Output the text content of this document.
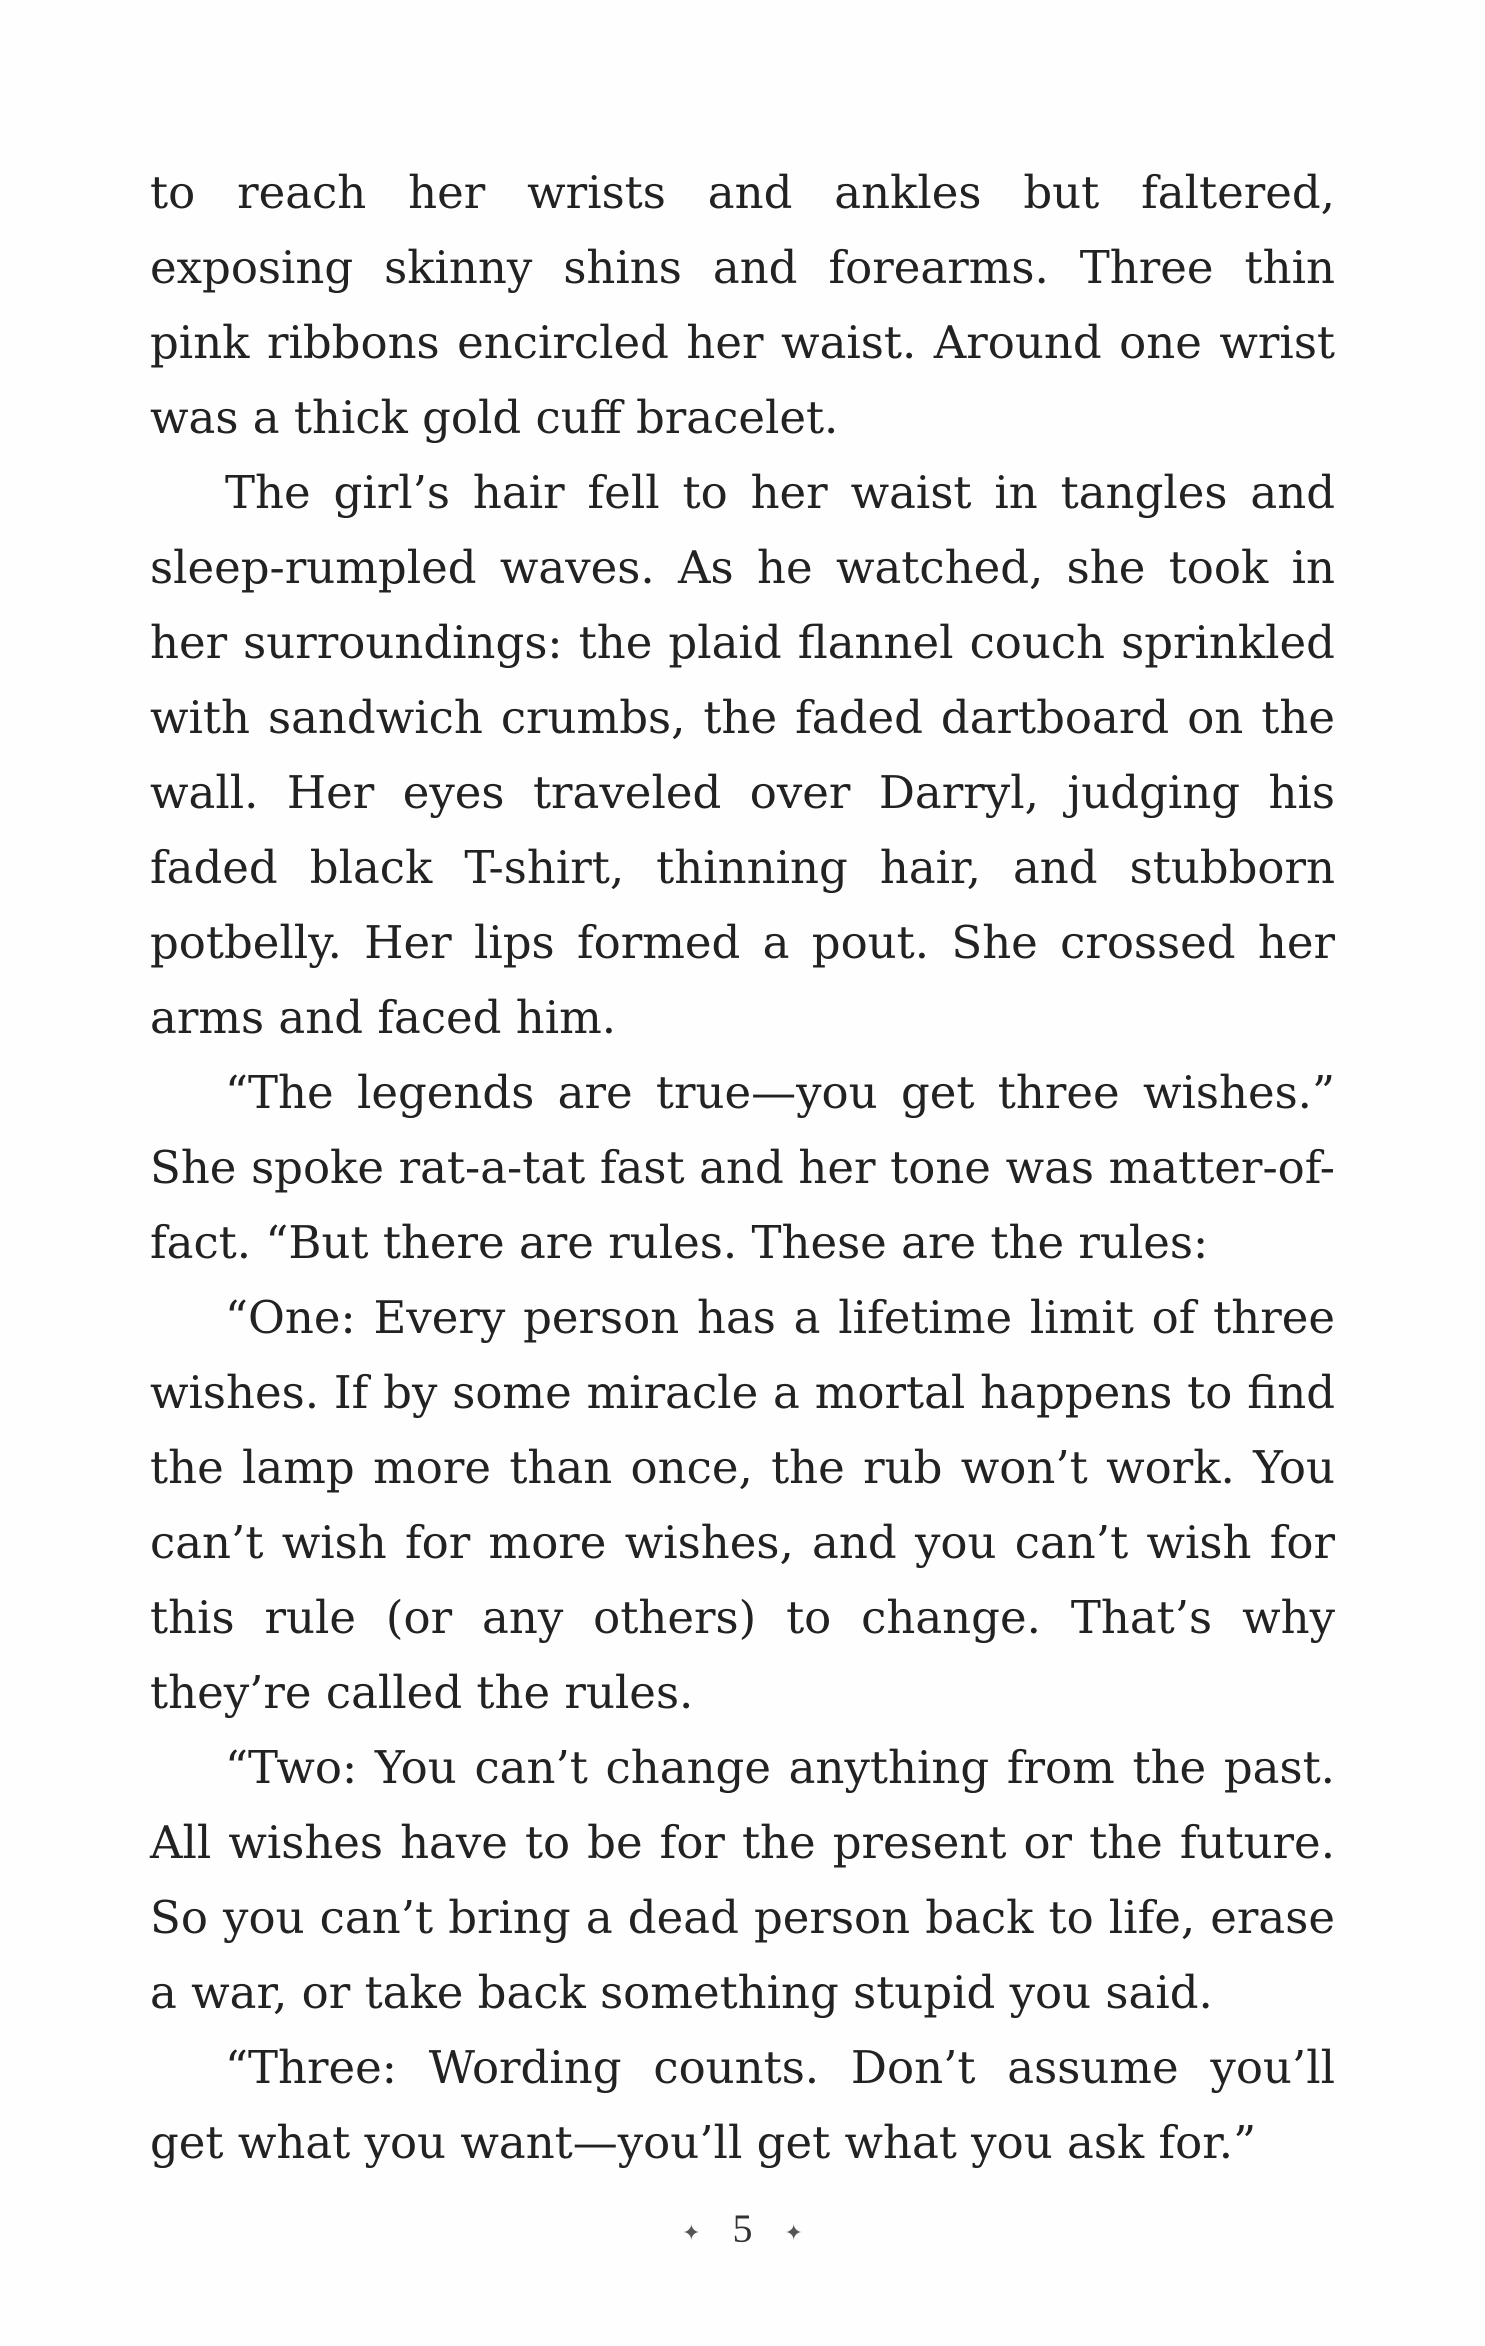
to reach her wrists and ankles but faltered, exposing skinny shins and forearms. Three thin pink ribbons encircled her waist. Around one wrist was a thick gold cuff bracelet.

The girl’s hair fell to her waist in tangles and sleep-rumpled waves. As he watched, she took in her surroundings: the plaid flannel couch sprinkled with sandwich crumbs, the faded dartboard on the wall. Her eyes traveled over Darryl, judging his faded black T-shirt, thinning hair, and stubborn potbelly. Her lips formed a pout. She crossed her arms and faced him.

“The legends are true—you get three wishes.” She spoke rat-a-tat fast and her tone was matter-of-fact. “But there are rules. These are the rules:

“One: Every person has a lifetime limit of three wishes. If by some miracle a mortal happens to find the lamp more than once, the rub won’t work. You can’t wish for more wishes, and you can’t wish for this rule (or any others) to change. That’s why they’re called the rules.

“Two: You can’t change anything from the past. All wishes have to be for the present or the future. So you can’t bring a dead person back to life, erase a war, or take back something stupid you said.

“Three: Wording counts. Don’t assume you’ll get what you want—you’ll get what you ask for.”

✦ 5 ✦
